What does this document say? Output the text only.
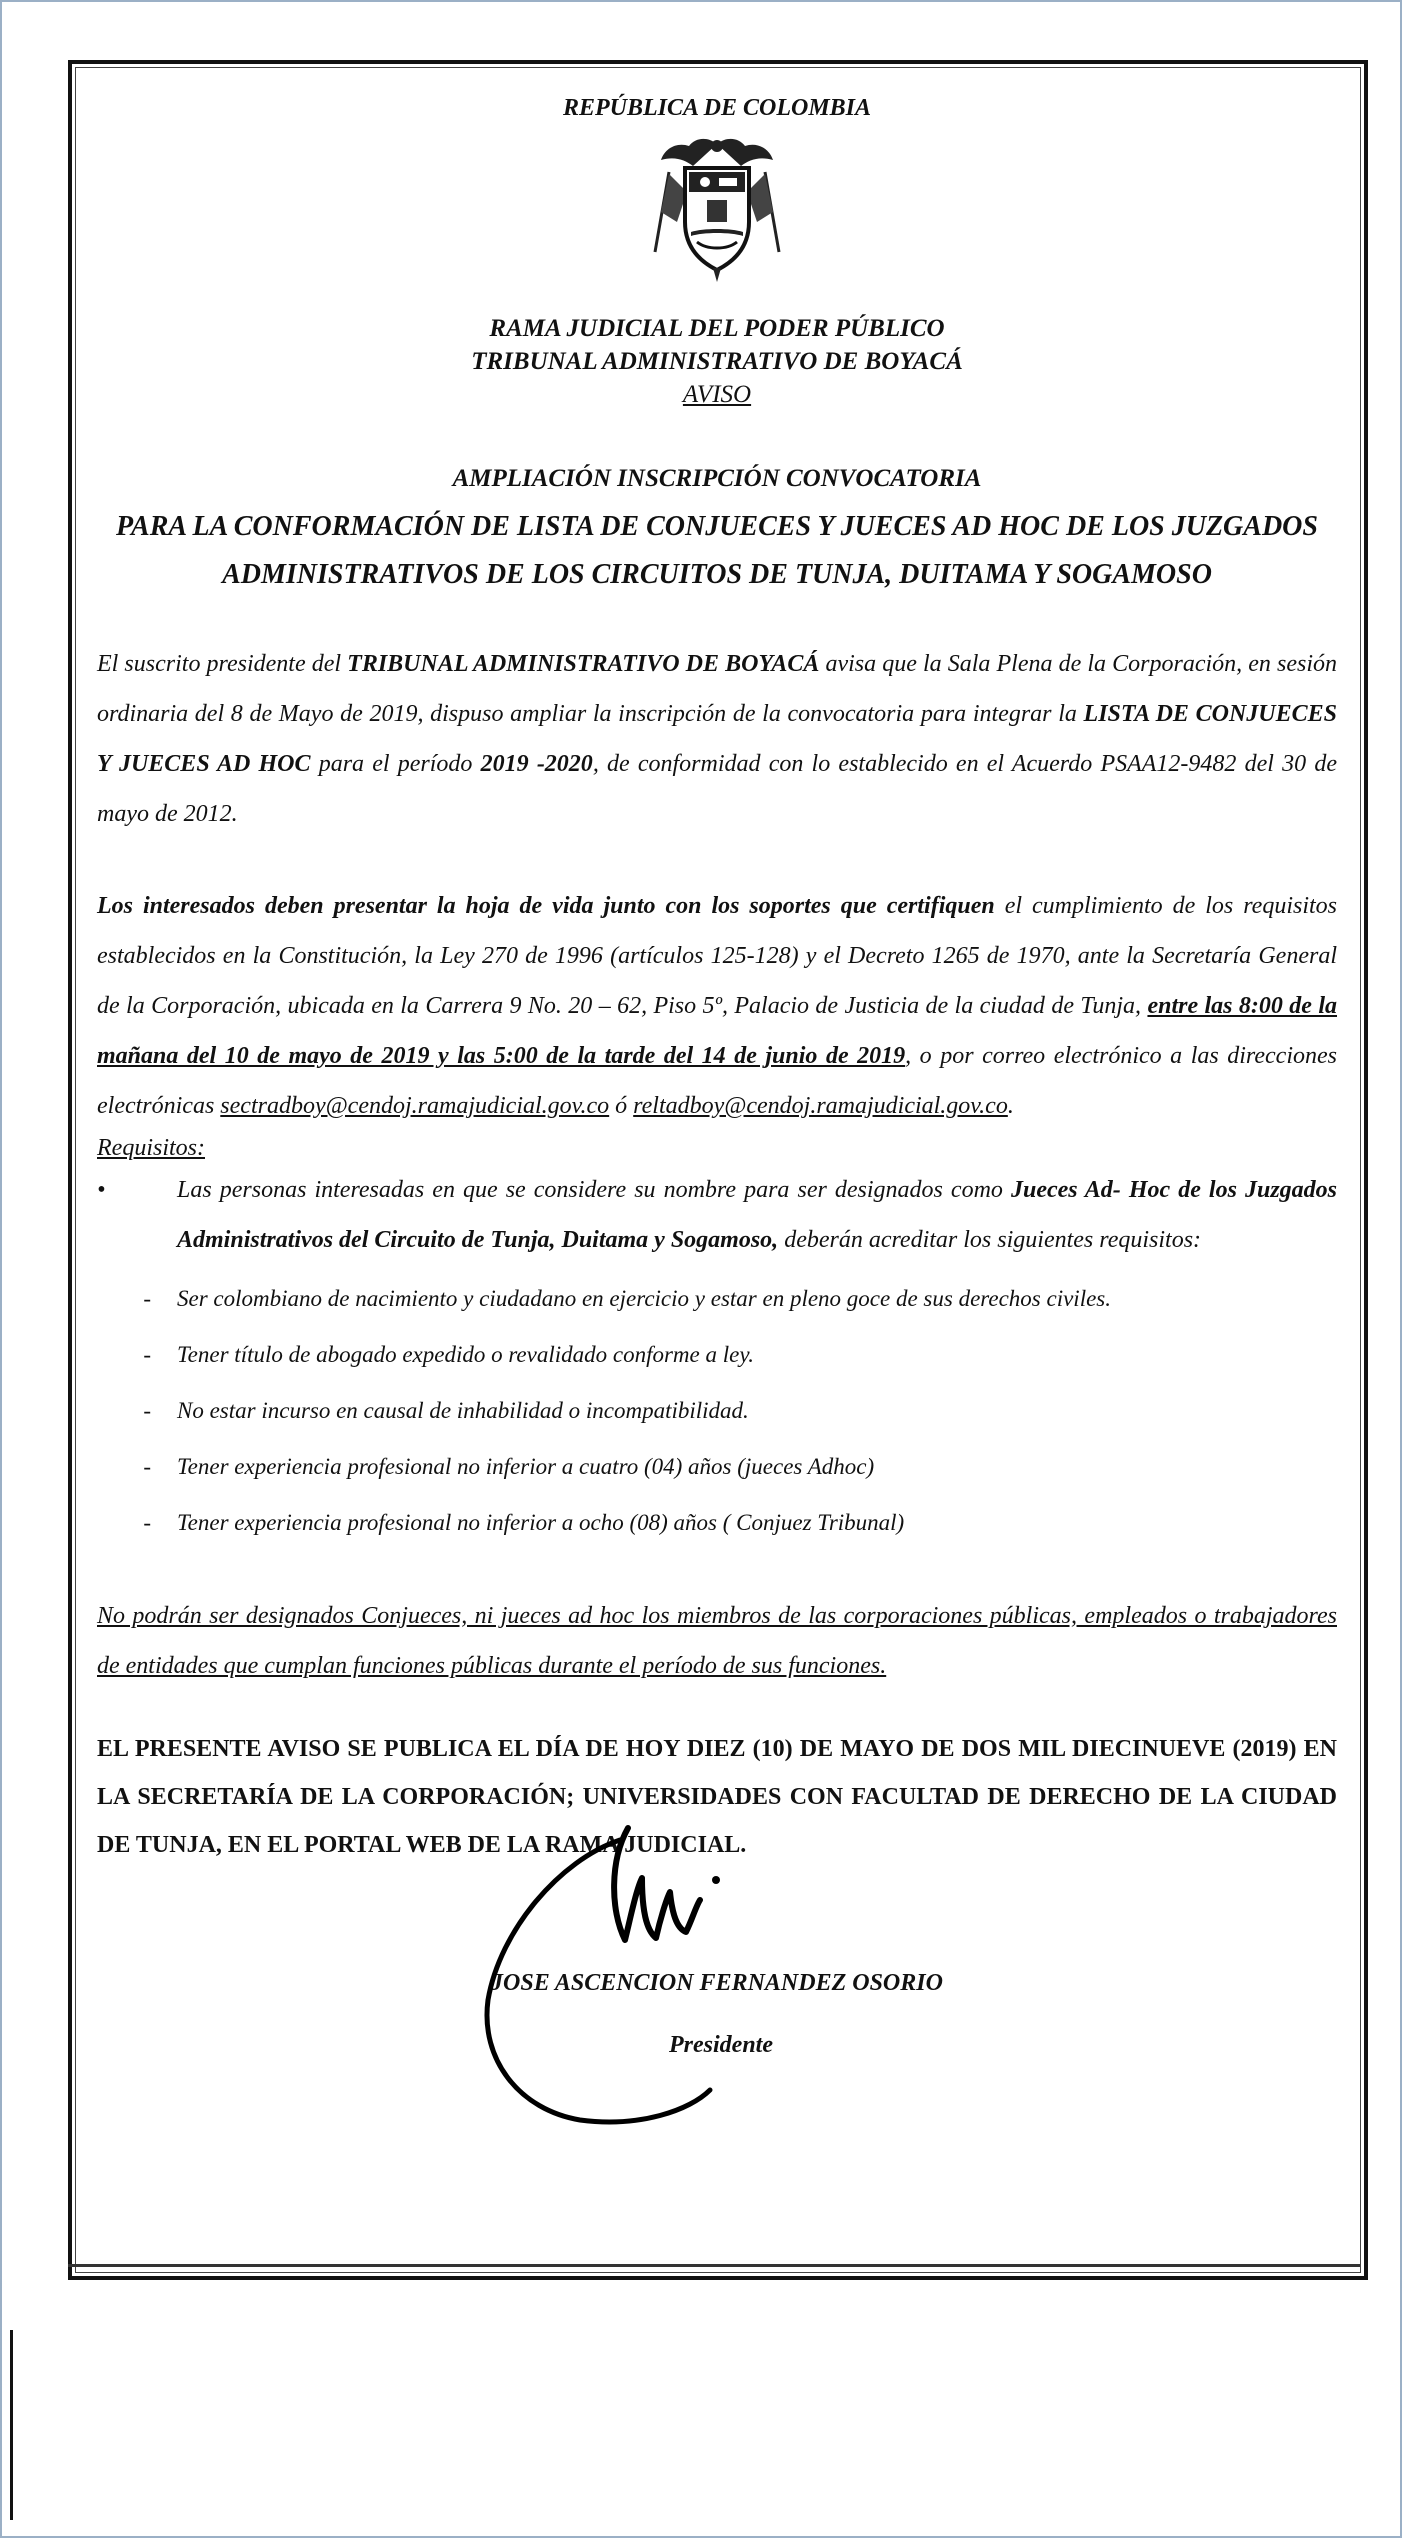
REPÚBLICA DE COLOMBIA
RAMA JUDICIAL DEL PODER PÚBLICO
TRIBUNAL ADMINISTRATIVO DE BOYACÁ
AVISO
AMPLIACIÓN INSCRIPCIÓN CONVOCATORIA
PARA LA CONFORMACIÓN DE LISTA DE CONJUECES Y JUECES AD HOC DE LOS JUZGADOS
ADMINISTRATIVOS DE LOS CIRCUITOS DE TUNJA, DUITAMA Y SOGAMOSO

El suscrito presidente del TRIBUNAL ADMINISTRATIVO DE BOYACÁ avisa que la Sala Plena de la Corporación, en sesión ordinaria del 8 de Mayo de 2019, dispuso ampliar la inscripción de la convocatoria para integrar la LISTA DE CONJUECES Y JUECES AD HOC para el período 2019 -2020, de conformidad con lo establecido en el Acuerdo PSAA12-9482 del 30 de mayo de 2012.

Los interesados deben presentar la hoja de vida junto con los soportes que certifiquen el cumplimiento de los requisitos establecidos en la Constitución, la Ley 270 de 1996 (artículos 125-128) y el Decreto 1265 de 1970, ante la Secretaría General de la Corporación, ubicada en la Carrera 9 No. 20 – 62, Piso 5º, Palacio de Justicia de la ciudad de Tunja, entre las 8:00 de la mañana del 10 de mayo de 2019 y las 5:00 de la tarde del 14 de junio de 2019, o por correo electrónico a las direcciones electrónicas sectradboy@cendoj.ramajudicial.gov.co ó reltadboy@cendoj.ramajudicial.gov.co.

Requisitos:

•	Las personas interesadas en que se considere su nombre para ser designados como Jueces Ad- Hoc de los Juzgados Administrativos del Circuito de Tunja, Duitama y Sogamoso, deberán acreditar los siguientes requisitos:
-	Ser colombiano de nacimiento y ciudadano en ejercicio y estar en pleno goce de sus derechos civiles.
-	Tener título de abogado expedido o revalidado conforme a ley.
-	No estar incurso en causal de inhabilidad o incompatibilidad.
-	Tener experiencia profesional no inferior a cuatro (04) años (jueces Adhoc)
-	Tener experiencia profesional no inferior a ocho (08) años ( Conjuez Tribunal)

No podrán ser designados Conjueces, ni jueces ad hoc los miembros de las corporaciones públicas, empleados o trabajadores de entidades que cumplan funciones públicas durante el período de sus funciones.

EL PRESENTE AVISO SE PUBLICA EL DÍA DE HOY DIEZ (10) DE MAYO DE DOS MIL DIECINUEVE (2019) EN LA SECRETARÍA DE LA CORPORACIÓN; UNIVERSIDADES CON FACULTAD DE DERECHO DE LA CIUDAD DE TUNJA, EN EL PORTAL WEB DE LA RAMA JUDICIAL.

JOSE ASCENCION FERNANDEZ OSORIO
Presidente
